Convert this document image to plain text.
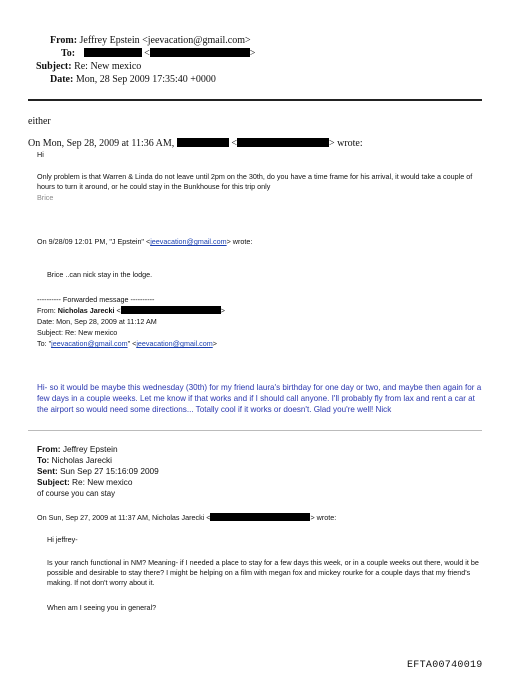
From: Jeffrey Epstein <jeevacation@gmail.com>
To:	<	>
Subject: Re: New mexico
Date: Mon, 28 Sep 2009 17:35:40 +0000
either
On Mon, Sep 28, 2009 at 11:36 AM,	<	> wrote:
Hi
Only problem is that Warren & Linda do not leave until 2pm on the 30th, do you have a time frame for his arrival, it would take a couple of hours to turn it around, or he could stay in the Bunkhouse for this trip only
Brice
On 9/28/09 12:01 PM, "J Epstein" <jeevacation@gmail.com> wrote:
Brice ..can nick stay in the lodge.
---------- Forwarded message ----------
From: Nicholas Jarecki <	>
Date: Mon, Sep 28, 2009 at 11:12 AM
Subject: Re: New mexico
To: "jeevacation@gmail.com" <jeevacation@gmail.com>
Hi- so it would be maybe this wednesday (30th) for my friend laura's birthday for one day or two, and maybe then again for a few days in a couple weeks. Let me know if that works and if I should call anyone. I'll probably fly from lax and rent a car at the airport so would need some directions... Totally cool if it works or doesn't. Glad you're well! Nick
From: Jeffrey Epstein
To: Nicholas Jarecki
Sent: Sun Sep 27 15:16:09 2009
Subject: Re: New mexico
of course you can stay
On Sun, Sep 27, 2009 at 11:37 AM, Nicholas Jarecki <	> wrote:
Hi jeffrey-
Is your ranch functional in NM? Meaning- if I needed a place to stay for a few days this week, or in a couple weeks out there, would it be possible and desirable to stay there? I might be helping on a film with megan fox and mickey rourke for a couple days that my friend's making. If not don't worry about it.
When am I seeing you in general?
EFTA00740019
